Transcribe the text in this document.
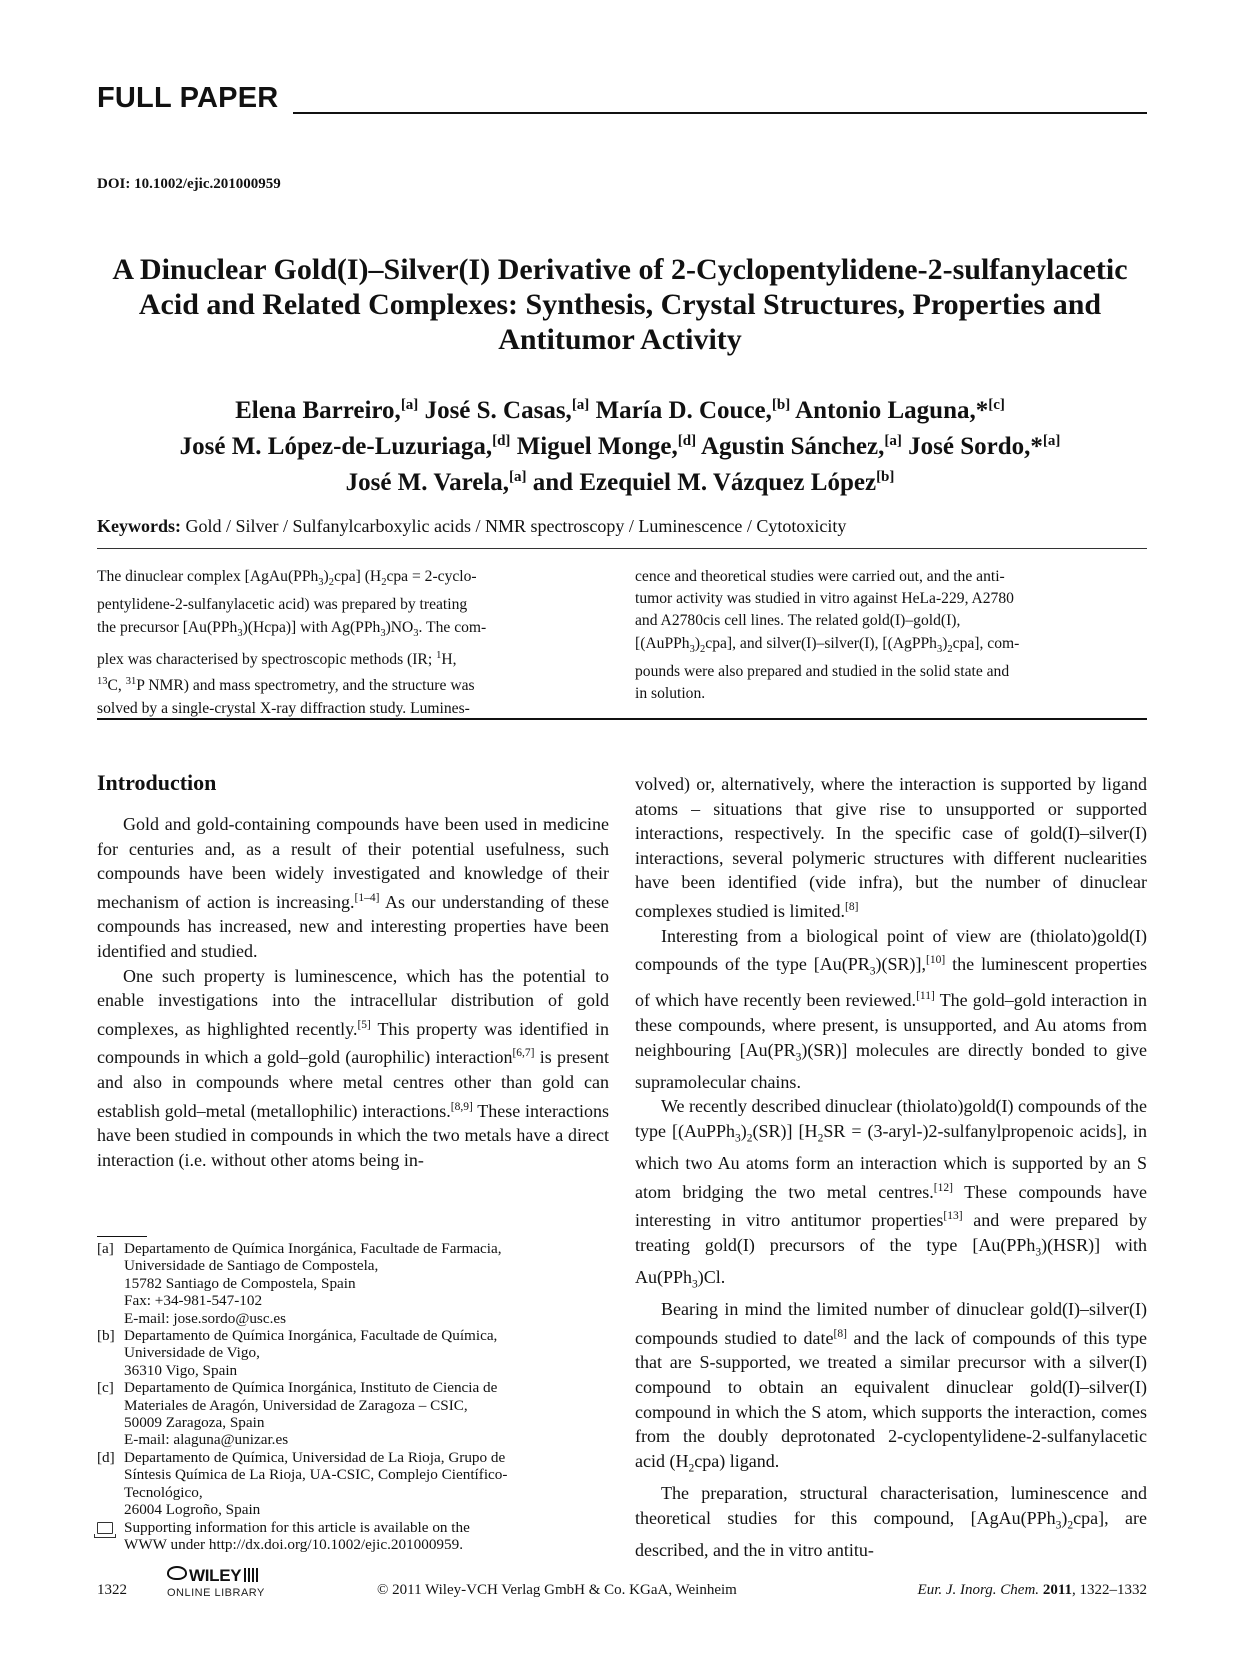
FULL PAPER
DOI: 10.1002/ejic.201000959
A Dinuclear Gold(I)–Silver(I) Derivative of 2-Cyclopentylidene-2-sulfanylacetic
Acid and Related Complexes: Synthesis, Crystal Structures, Properties and
Antitumor Activity
Elena Barreiro,[a] José S. Casas,[a] María D. Couce,[b] Antonio Laguna,*[c]
José M. López-de-Luzuriaga,[d] Miguel Monge,[d] Agustin Sánchez,[a] José Sordo,*[a]
José M. Varela,[a] and Ezequiel M. Vázquez López[b]
Keywords: Gold / Silver / Sulfanylcarboxylic acids / NMR spectroscopy / Luminescence / Cytotoxicity
The dinuclear complex $[AgAu(PPh_3)_2cpa] (H_2cpa$ = 2-cyclo-
pentylidene-2-sulfanylacetic acid) was prepared by treating
the precursor [Au(PPh$_3$)(Hcpa)] with $Ag(PPh_3)NO_3$. The com-
plex was characterised by spectroscopic methods (IR; $^1$H,
$^{13}$C, $^{31}$P NMR) and mass spectrometry, and the structure was
solved by a single-crystal X-ray diffraction study. Lumines-
cence and theoretical studies were carried out, and the anti-
tumor activity was studied in vitro against HeLa-229, A2780
and A2780cis cell lines. The related gold(I)–gold(I),
$[(AuPPh_3)_2cpa]$, and silver(I)–silver(I), $[(AgPPh_3)_2cpa]$, com-
pounds were also prepared and studied in the solid state and
in solution.
Introduction

Gold and gold-containing compounds have been used in medicine for centuries and, as a result of their potential usefulness, such compounds have been widely investigated and knowledge of their mechanism of action is increasing.[1–4] As our understanding of these compounds has increased, new and interesting properties have been identified and studied.

One such property is luminescence, which has the potential to enable investigations into the intracellular distribution of gold complexes, as highlighted recently.[5] This property was identified in compounds in which a gold–gold (aurophilic) interaction[6,7] is present and also in compounds where metal centres other than gold can establish gold–metal (metallophilic) interactions.[8,9] These interactions have been studied in compounds in which the two metals have a direct interaction (i.e. without other atoms being in-

volved) or, alternatively, where the interaction is supported by ligand atoms – situations that give rise to unsupported or supported interactions, respectively. In the specific case of gold(I)–silver(I) interactions, several polymeric structures with different nuclearities have been identified (vide infra), but the number of dinuclear complexes studied is limited.[8]

Interesting from a biological point of view are (thiolato)gold(I) compounds of the type $[Au(PR_3)(SR)],[10]$ the luminescent properties of which have recently been reviewed.[11] The gold–gold interaction in these compounds, where present, is unsupported, and Au atoms from neighbouring $[Au(PR_3)(SR)]$ molecules are directly bonded to give supramolecular chains.

We recently described dinuclear (thiolato)gold(I) compounds of the type $[(AuPPh_3)_2(SR)] [H_2SR$ = (3-aryl-)2-sulfanylpropenoic acids], in which two Au atoms form an interaction which is supported by an S atom bridging the two metal centres.[12] These compounds have interesting in vitro antitumor properties[13] and were prepared by treating gold(I) precursors of the type [Au(PPh$_3$)(HSR)] with Au(PPh$_3$)Cl.

Bearing in mind the limited number of dinuclear gold(I)–silver(I) compounds studied to date[8] and the lack of compounds of this type that are S-supported, we treated a similar precursor with a silver(I) compound to obtain an equivalent dinuclear gold(I)–silver(I) compound in which the S atom, which supports the interaction, comes from the doubly deprotonated 2-cyclopentylidene-2-sulfanylacetic acid $(H_2cpa)$ ligand.

The preparation, structural characterisation, luminescence and theoretical studies for this compound, $[AgAu(PPh_3)_2cpa]$, are described, and the in vitro antitu-

[a] Departamento de Química Inorgánica, Facultade de Farmacia,
Universidade de Santiago de Compostela,
15782 Santiago de Compostela, Spain
Fax: +34-981-547-102
E-mail: jose.sordo@usc.es
[b] Departamento de Química Inorgánica, Facultade de Química,
Universidade de Vigo,
36310 Vigo, Spain
[c] Departamento de Química Inorgánica, Instituto de Ciencia de
Materiales de Aragón, Universidad de Zaragoza – CSIC,
50009 Zaragoza, Spain
E-mail: alaguna@unizar.es
[d] Departamento de Química, Universidad de La Rioja, Grupo de
Síntesis Química de La Rioja, UA-CSIC, Complejo Científico-
Tecnológico,
26004 Logroño, Spain
Supporting information for this article is available on the
WWW under http://dx.doi.org/10.1002/ejic.201000959.
1322
WILEY
ONLINE LIBRARY	© 2011 Wiley-VCH Verlag GmbH & Co. KGaA, Weinheim	Eur. J. Inorg. Chem. 2011, 1322–1332
